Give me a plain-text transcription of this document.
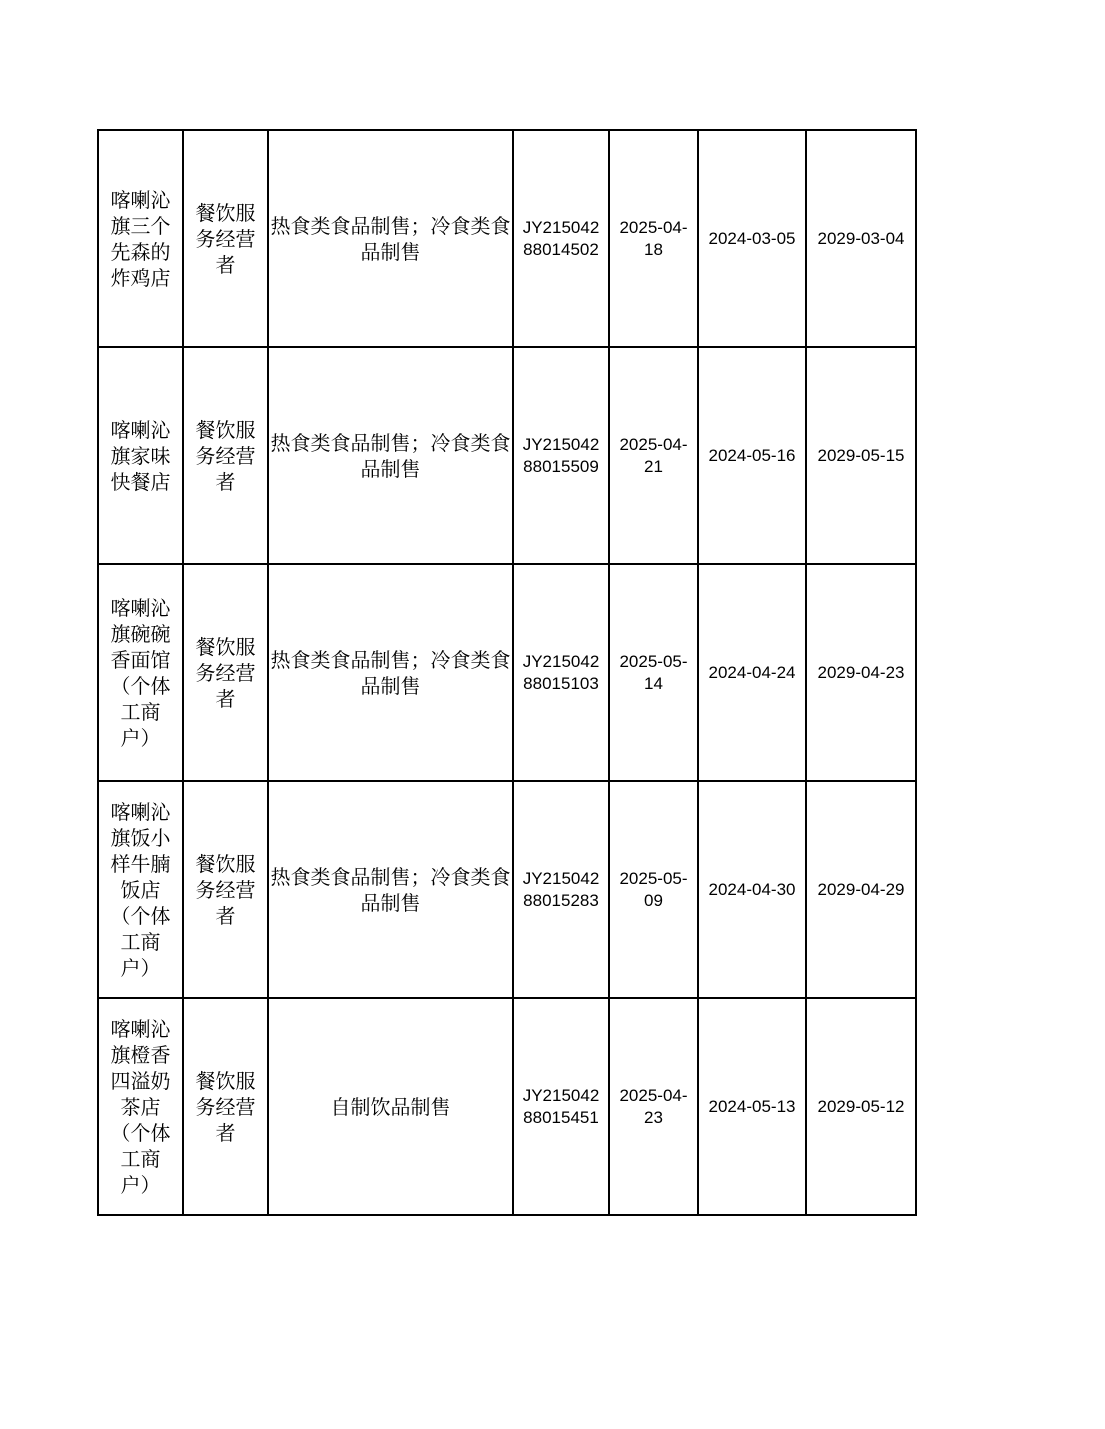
喀喇沁旗三个先森的炸鸡店	餐饮服务经营者	热食类食品制售；冷食类食品制售	JY21504288014502	2025-04-18	2024-03-05	2029-03-04
喀喇沁旗家味快餐店	餐饮服务经营者	热食类食品制售；冷食类食品制售	JY21504288015509	2025-04-21	2024-05-16	2029-05-15
喀喇沁旗碗碗香面馆（个体工商户）	餐饮服务经营者	热食类食品制售；冷食类食品制售	JY21504288015103	2025-05-14	2024-04-24	2029-04-23
喀喇沁旗饭小样牛腩饭店（个体工商户）	餐饮服务经营者	热食类食品制售；冷食类食品制售	JY21504288015283	2025-05-09	2024-04-30	2029-04-29
喀喇沁旗橙香四溢奶茶店（个体工商户）	餐饮服务经营者	自制饮品制售	JY21504288015451	2025-04-23	2024-05-13	2029-05-12
